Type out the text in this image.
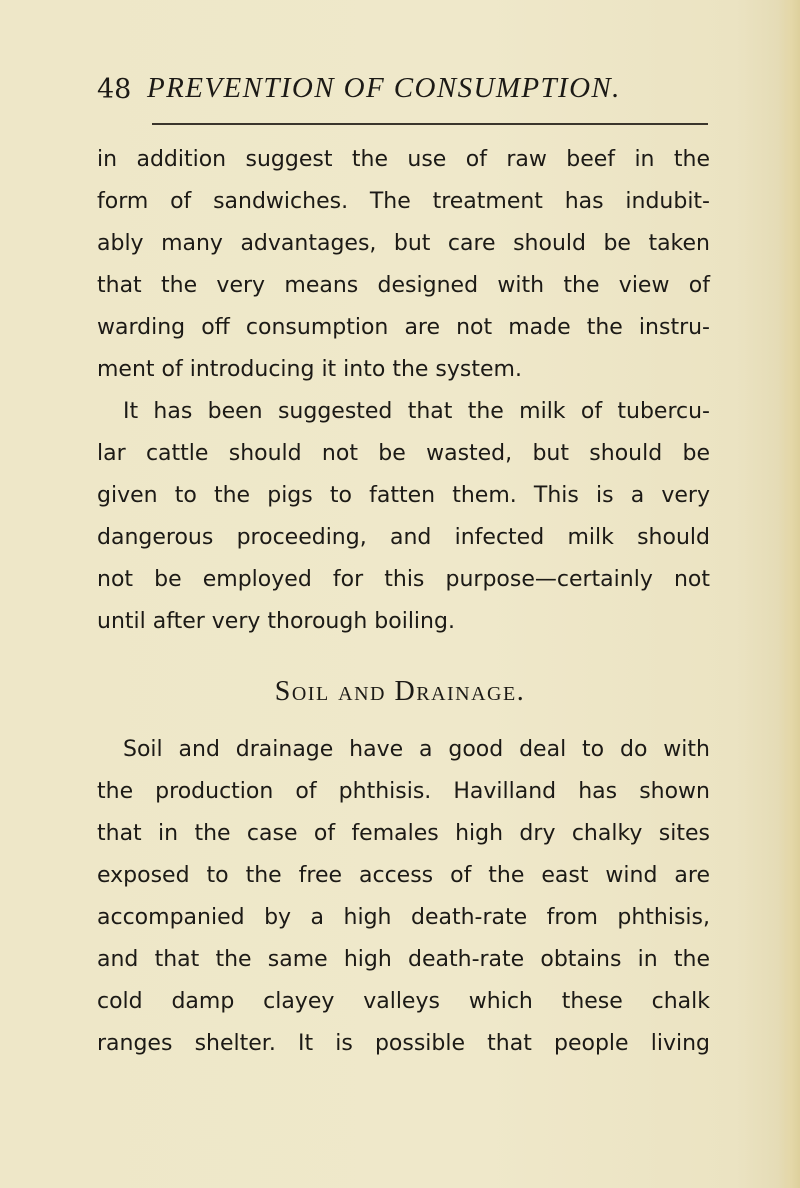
48 PREVENTION OF CONSUMPTION.
in addition suggest the use of raw beef in the
form of sandwiches. The treatment has indubit-
ably many advantages, but care should be taken
that the very means designed with the view of
warding off consumption are not made the instru-
ment of introducing it into the system.
It has been suggested that the milk of tubercu-
lar cattle should not be wasted, but should be
given to the pigs to fatten them. This is a very
dangerous proceeding, and infected milk should
not be employed for this purpose—certainly not
until after very thorough boiling.
Soil and Drainage.
Soil and drainage have a good deal to do with
the production of phthisis. Havilland has shown
that in the case of females high dry chalky sites
exposed to the free access of the east wind are
accompanied by a high death-rate from phthisis,
and that the same high death-rate obtains in the
cold damp clayey valleys which these chalk
ranges shelter. It is possible that people living
